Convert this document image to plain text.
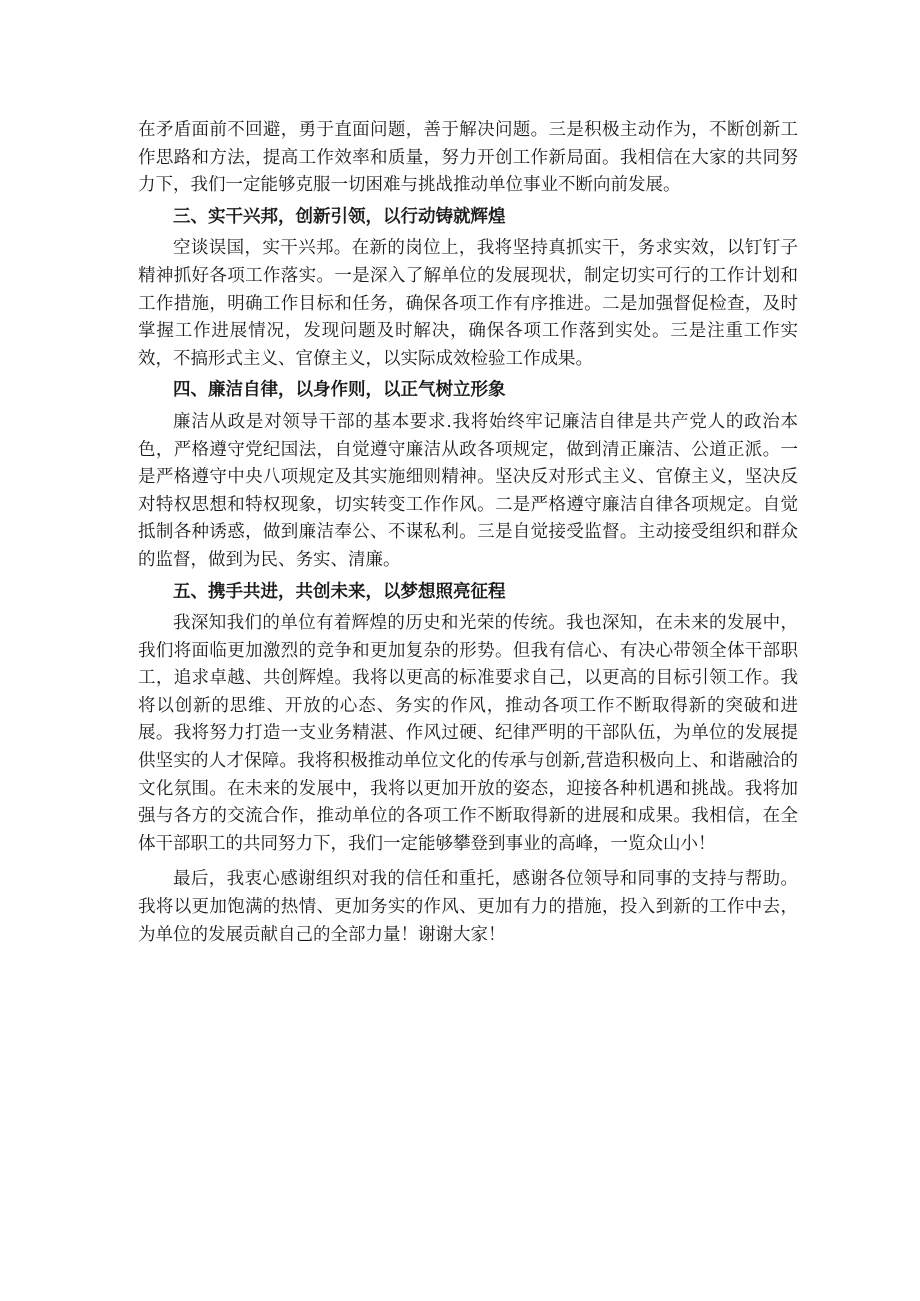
在矛盾面前不回避，勇于直面问题，善于解决问题。三是积极主动作为，不断创新工作思路和方法，提高工作效率和质量，努力开创工作新局面。我相信在大家的共同努力下，我们一定能够克服一切困难与挑战推动单位事业不断向前发展。

三、实干兴邦，创新引领，以行动铸就辉煌

空谈误国，实干兴邦。在新的岗位上，我将坚持真抓实干，务求实效，以钉钉子精神抓好各项工作落实。一是深入了解单位的发展现状，制定切实可行的工作计划和工作措施，明确工作目标和任务，确保各项工作有序推进。二是加强督促检查，及时掌握工作进展情况，发现问题及时解决，确保各项工作落到实处。三是注重工作实效，不搞形式主义、官僚主义，以实际成效检验工作成果。

四、廉洁自律，以身作则，以正气树立形象

廉洁从政是对领导干部的基本要求.我将始终牢记廉洁自律是共产党人的政治本色，严格遵守党纪国法，自觉遵守廉洁从政各项规定，做到清正廉洁、公道正派。一是严格遵守中央八项规定及其实施细则精神。坚决反对形式主义、官僚主义，坚决反对特权思想和特权现象，切实转变工作作风。二是严格遵守廉洁自律各项规定。自觉抵制各种诱惑，做到廉洁奉公、不谋私利。三是自觉接受监督。主动接受组织和群众的监督，做到为民、务实、清廉。

五、携手共进，共创未来，以梦想照亮征程

我深知我们的单位有着辉煌的历史和光荣的传统。我也深知，在未来的发展中，我们将面临更加激烈的竞争和更加复杂的形势。但我有信心、有决心带领全体干部职工，追求卓越、共创辉煌。我将以更高的标准要求自己，以更高的目标引领工作。我将以创新的思维、开放的心态、务实的作风，推动各项工作不断取得新的突破和进展。我将努力打造一支业务精湛、作风过硬、纪律严明的干部队伍，为单位的发展提供坚实的人才保障。我将积极推动单位文化的传承与创新,营造积极向上、和谐融洽的文化氛围。在未来的发展中，我将以更加开放的姿态，迎接各种机遇和挑战。我将加强与各方的交流合作，推动单位的各项工作不断取得新的进展和成果。我相信，在全体干部职工的共同努力下，我们一定能够攀登到事业的高峰，一览众山小！

最后，我衷心感谢组织对我的信任和重托，感谢各位领导和同事的支持与帮助。我将以更加饱满的热情、更加务实的作风、更加有力的措施，投入到新的工作中去，为单位的发展贡献自己的全部力量！谢谢大家！
